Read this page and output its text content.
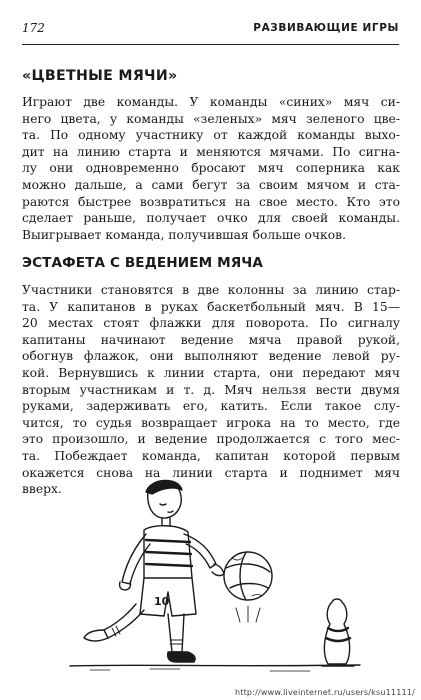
172	РАЗВИВАЮЩИЕ ИГРЫ
«ЦВЕТНЫЕ МЯЧИ»
Играют две команды. У команды «синих» мяч си-
него цвета, у команды «зеленых» мяч зеленого цве-
та. По одному участнику от каждой команды выхо-
дит на линию старта и меняются мячами. По сигна-
лу они одновременно бросают мяч соперника как
можно дальше, а сами бегут за своим мячом и ста-
раются быстрее возвратиться на свое место. Кто это
сделает раньше, получает очко для своей команды.
Выигрывает команда, получившая больше очков.
ЭСТАФЕТА С ВЕДЕНИЕМ МЯЧА
Участники становятся в две колонны за линию стар-
та. У капитанов в руках баскетбольный мяч. В 15—
20 местах стоят флажки для поворота. По сигналу
капитаны начинают ведение мяча правой рукой,
обогнув флажок, они выполняют ведение левой ру-
кой. Вернувшись к линии старта, они передают мяч
вторым участникам и т. д. Мяч нельзя вести двумя
руками, задерживать его, катить. Если такое слу-
чится, то судья возвращает игрока на то место, где
это произошло, и ведение продолжается с того мес-
та. Побеждает команда, капитан которой первым
окажется снова на линии старта и поднимет мяч
вверх.
10
http://www.liveinternet.ru/users/ksu11111/
